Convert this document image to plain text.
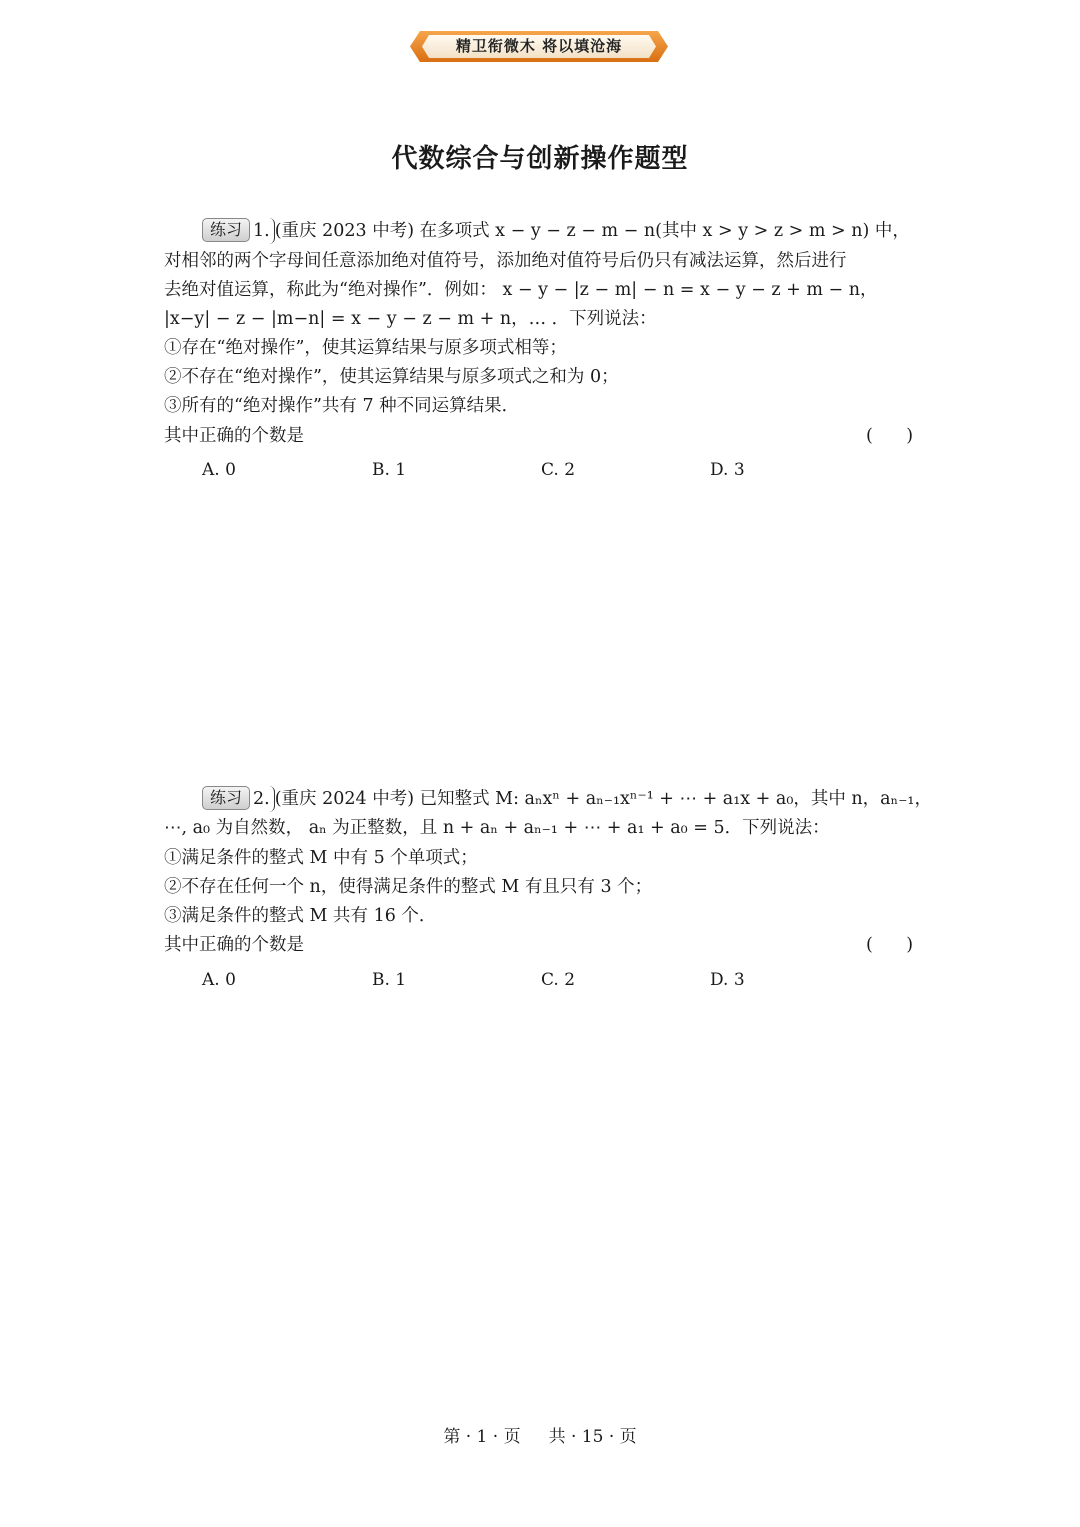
精卫衔微木 将以填沧海
代数综合与创新操作题型
练习 1. (重庆 2023 中考) 在多项式 x − y − z − m − n(其中 x > y > z > m > n) 中，
对相邻的两个字母间任意添加绝对值符号，添加绝对值符号后仍只有减法运算，然后进行
去绝对值运算，称此为“绝对操作”．例如： x − y − |z − m| − n = x − y − z + m − n，
|x−y| − z − |m−n| = x − y − z − m + n，… ．下列说法：
①存在“绝对操作”，使其运算结果与原多项式相等；
②不存在“绝对操作”，使其运算结果与原多项式之和为 0；
③所有的“绝对操作”共有 7 种不同运算结果．
其中正确的个数是	(      )
A. 0	B. 1	C. 2	D. 3
练习 2. (重庆 2024 中考) 已知整式 M: aₙxⁿ + aₙ₋₁xⁿ⁻¹ + ⋯ + a₁x + a₀，其中 n，aₙ₋₁，
⋯, a₀ 为自然数， aₙ 为正整数，且 n + aₙ + aₙ₋₁ + ⋯ + a₁ + a₀ = 5．下列说法：
①满足条件的整式 M 中有 5 个单项式；
②不存在任何一个 n，使得满足条件的整式 M 有且只有 3 个；
③满足条件的整式 M 共有 16 个．
其中正确的个数是	(      )
A. 0	B. 1	C. 2	D. 3
第 · 1 · 页 共 · 15 · 页
